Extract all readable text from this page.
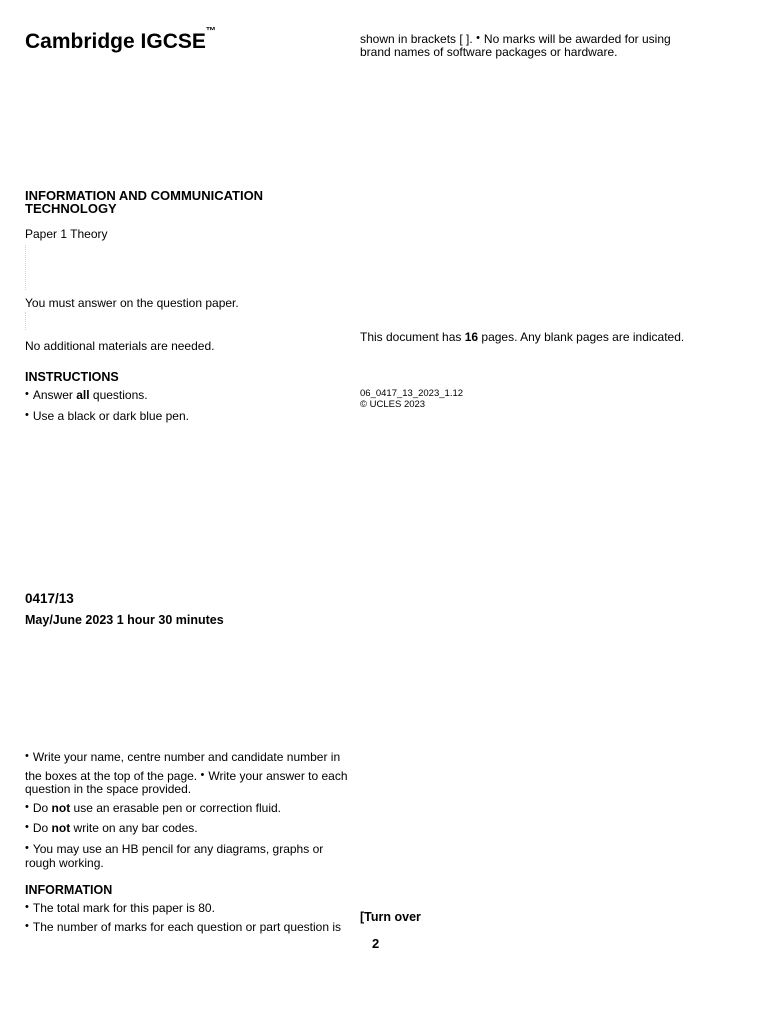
Cambridge IGCSE™
shown in brackets [ ]. • No marks will be awarded for using
brand names of software packages or hardware.
INFORMATION AND COMMUNICATION
TECHNOLOGY
Paper 1 Theory
You must answer on the question paper.
No additional materials are needed.
This document has 16 pages. Any blank pages are indicated.
06_0417_13_2023_1.12
© UCLES 2023
INSTRUCTIONS
• Answer all questions.
• Use a black or dark blue pen.
0417/13
May/June 2023 1 hour 30 minutes
• Write your name, centre number and candidate number in
the boxes at the top of the page. • Write your answer to each
question in the space provided.
• Do not use an erasable pen or correction fluid.
• Do not write on any bar codes.
• You may use an HB pencil for any diagrams, graphs or
rough working.
INFORMATION
• The total mark for this paper is 80.
• The number of marks for each question or part question is
[Turn over
2
